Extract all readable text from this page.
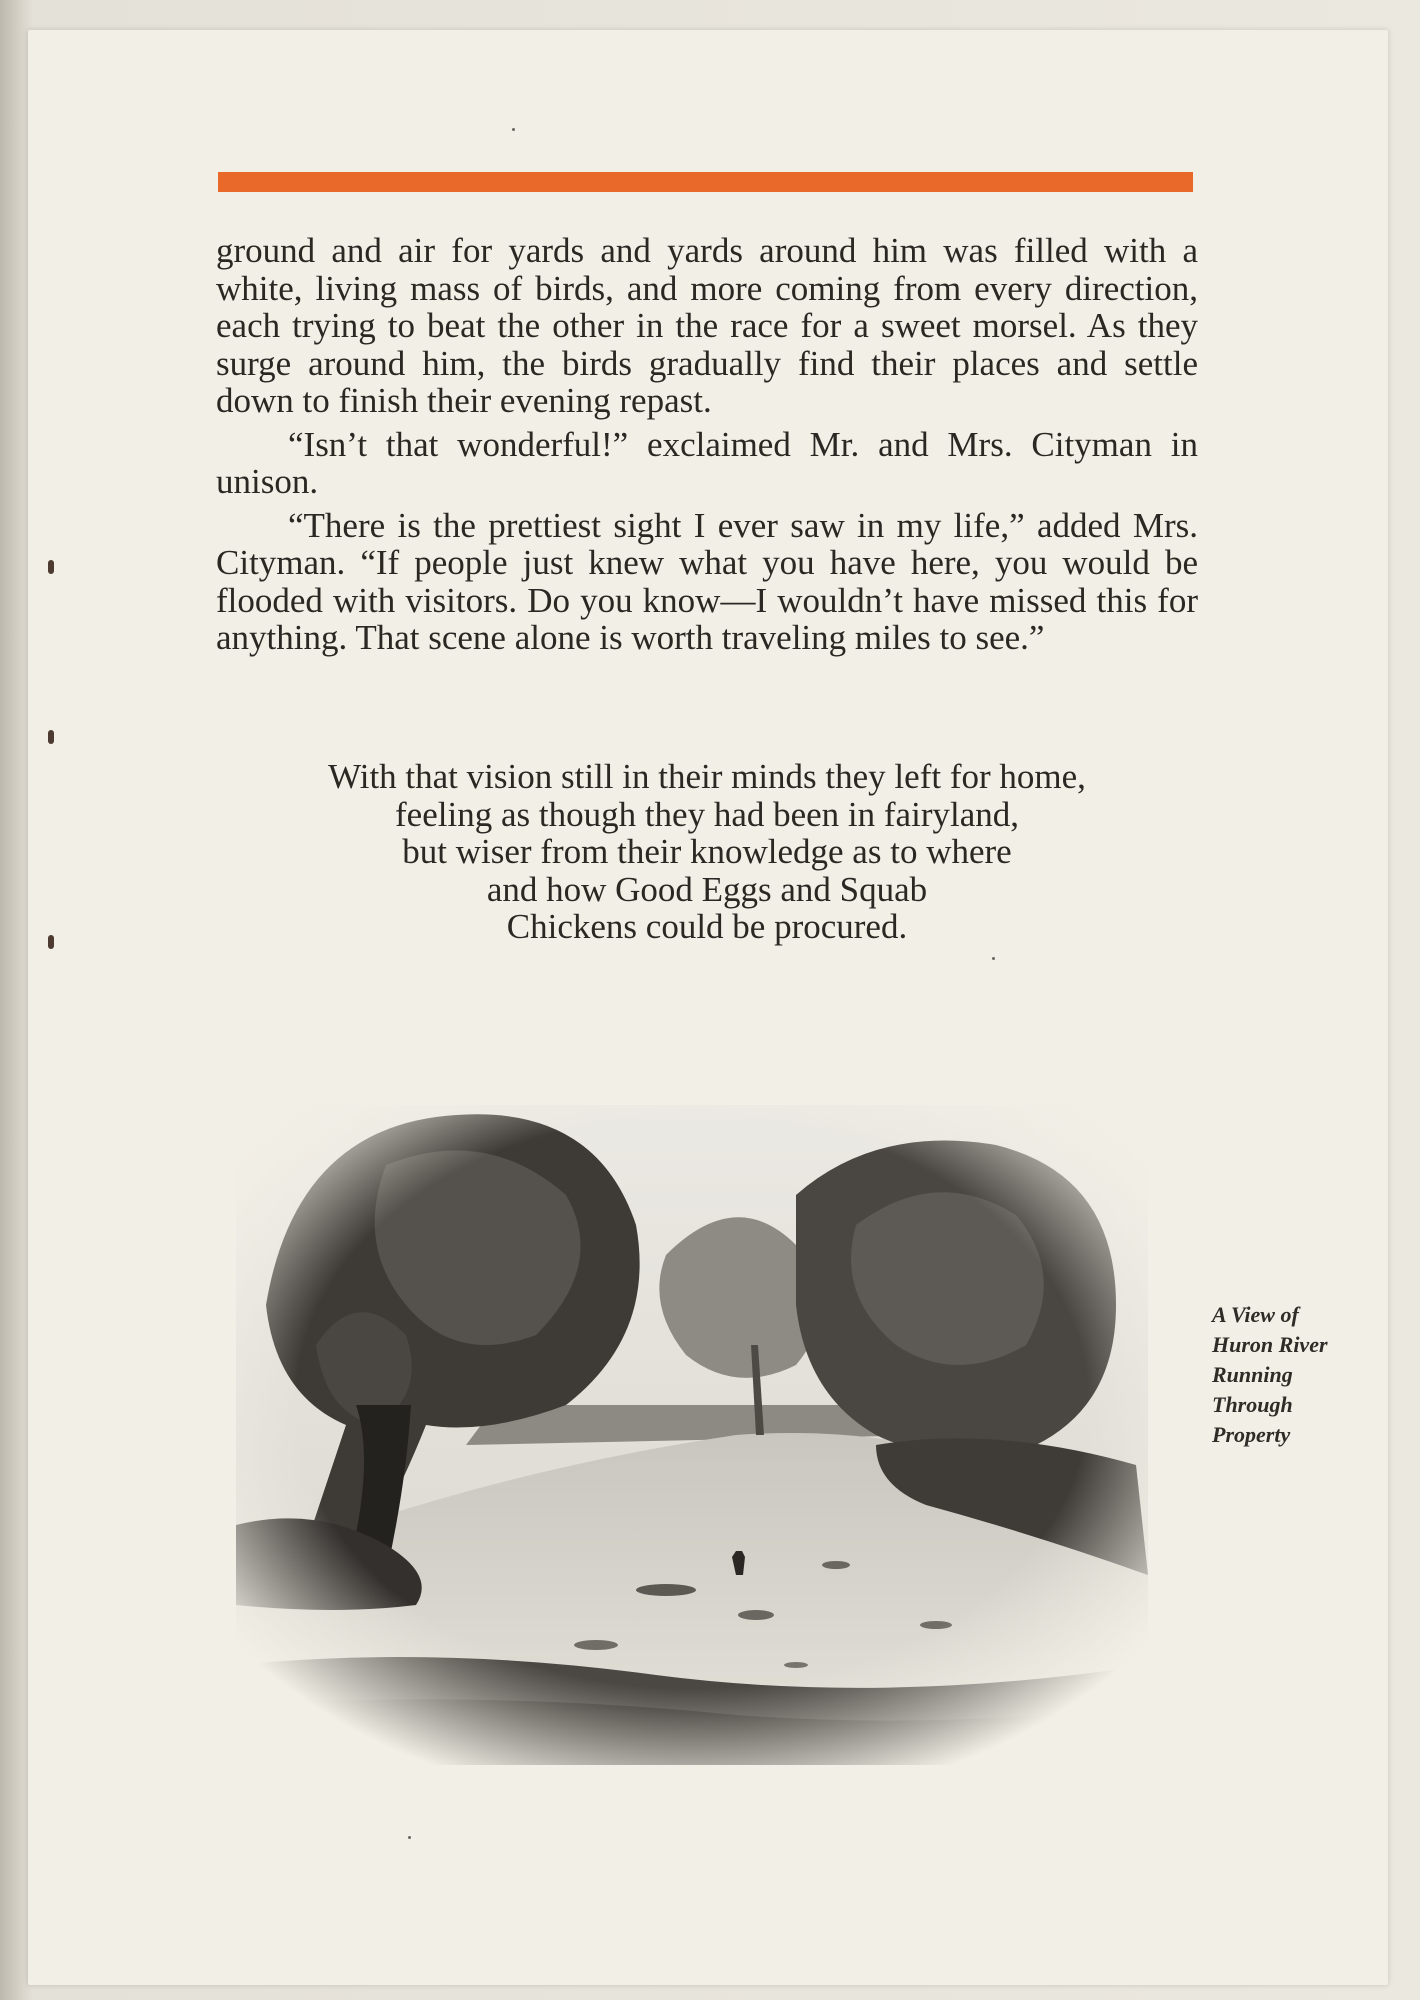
ground and air for yards and yards around him was filled with a white, living mass of birds, and more coming from every direction, each trying to beat the other in the race for a sweet morsel. As they surge around him, the birds gradually find their places and settle down to finish their evening repast.

“Isn’t that wonderful!” exclaimed Mr. and Mrs. Cityman in unison.

“There is the prettiest sight I ever saw in my life,” added Mrs. Cityman. “If people just knew what you have here, you would be flooded with visitors. Do you know—I wouldn’t have missed this for anything. That scene alone is worth traveling miles to see.”

With that vision still in their minds they left for home,
feeling as though they had been in fairyland,
but wiser from their knowledge as to where
and how Good Eggs and Squab
Chickens could be procured.
A View of
Huron River
Running
Through
Property
